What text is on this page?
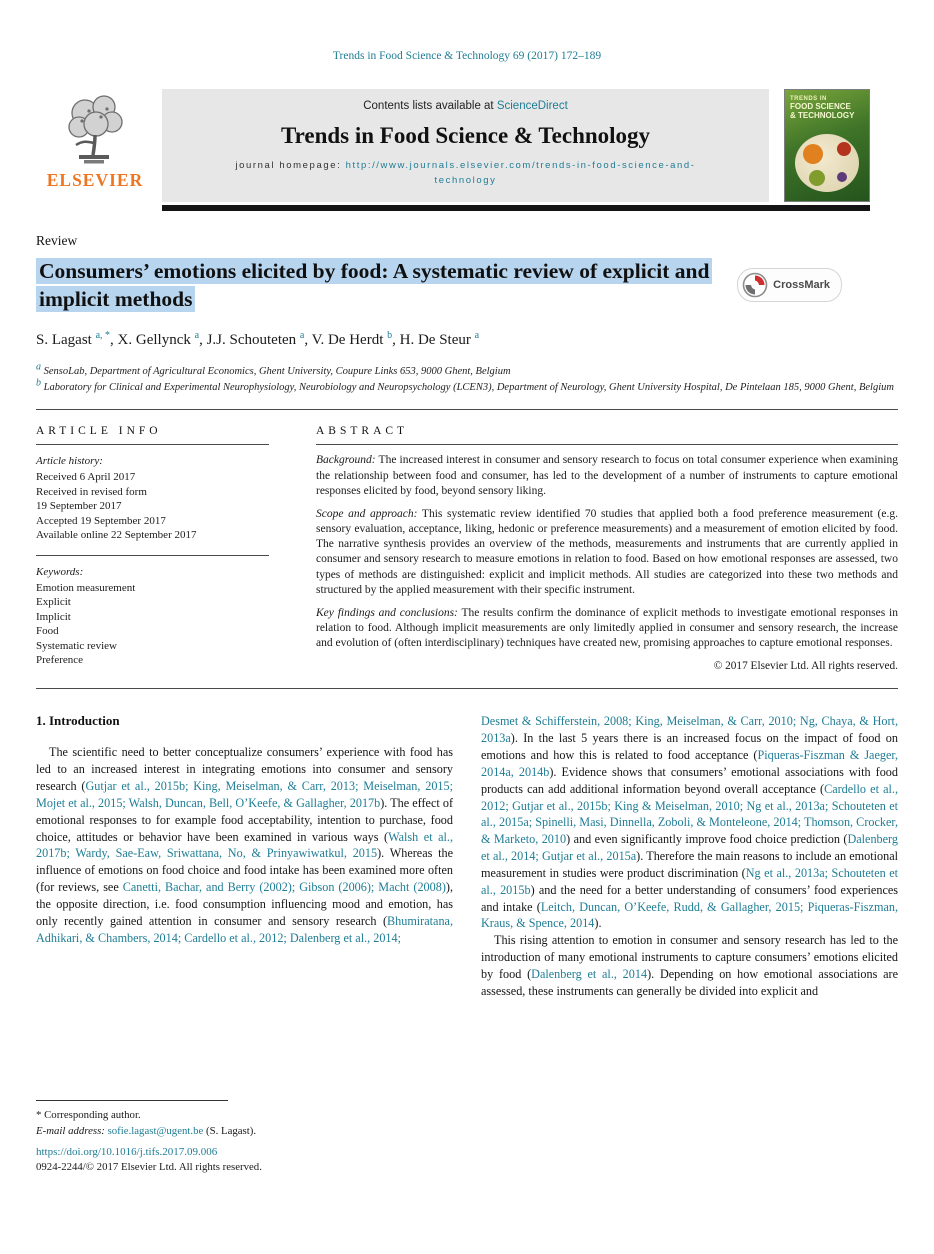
Trends in Food Science & Technology 69 (2017) 172–189
ELSEVIER
Contents lists available at ScienceDirect
Trends in Food Science & Technology
journal homepage: http://www.journals.elsevier.com/trends-in-food-science-and-technology
TRENDS IN
FOOD SCIENCE
& TECHNOLOGY
Review
Consumers’ emotions elicited by food: A systematic review of explicit and implicit methods
CrossMark
S. Lagast $^{a, *}$, X. Gellynck $^a$, J.J. Schouteten $^a$, V. De Herdt $^b$, H. De Steur $^a$
a SensoLab, Department of Agricultural Economics, Ghent University, Coupure Links 653, 9000 Ghent, Belgium
b Laboratory for Clinical and Experimental Neurophysiology, Neurobiology and Neuropsychology (LCEN3), Department of Neurology, Ghent University Hospital, De Pintelaan 185, 9000 Ghent, Belgium
ARTICLE INFO
Article history:
Received 6 April 2017
Received in revised form
19 September 2017
Accepted 19 September 2017
Available online 22 September 2017
Keywords:
Emotion measurement
Explicit
Implicit
Food
Systematic review
Preference
ABSTRACT

Background: The increased interest in consumer and sensory research to focus on total consumer experience when examining the relationship between food and consumer, has led to the development of a number of instruments to capture emotional responses elicited by food, beyond sensory liking.

Scope and approach: This systematic review identified 70 studies that applied both a food preference measurement (e.g. sensory evaluation, acceptance, liking, hedonic or preference measurements) and a measurement of emotion elicited by food. The narrative synthesis provides an overview of the methods, measurements and instruments that are currently applied in consumer and sensory research to measure emotions in relation to food. Based on how emotional responses are assessed, two types of methods are distinguished: explicit and implicit methods. All studies are categorized into these two methods and structured by the applied measurement with their specific instrument.

Key findings and conclusions: The results confirm the dominance of explicit methods to investigate emotional responses in relation to food. Although implicit measurements are only limitedly applied in consumer and sensory research, the increase and evolution of (often interdisciplinary) techniques have created new, promising approaches to capture emotional responses.

© 2017 Elsevier Ltd. All rights reserved.
1. Introduction

The scientific need to better conceptualize consumers’ experience with food has led to an increased interest in integrating emotions into consumer and sensory research (Gutjar et al., 2015b; King, Meiselman, & Carr, 2013; Meiselman, 2015; Mojet et al., 2015; Walsh, Duncan, Bell, O’Keefe, & Gallagher, 2017b). The effect of emotional responses to for example food acceptability, intention to purchase, food choice, attitudes or behavior have been examined in various ways (Walsh et al., 2017b; Wardy, Sae-Eaw, Sriwattana, No, & Prinyawiwatkul, 2015). Whereas the influence of emotions on food choice and food intake has been examined more often (for reviews, see Canetti, Bachar, and Berry (2002); Gibson (2006); Macht (2008)), the opposite direction, i.e. food consumption influencing mood and emotion, has only recently gained attention in consumer and sensory research (Bhumiratana, Adhikari, & Chambers, 2014; Cardello et al., 2012; Dalenberg et al., 2014;

Desmet & Schifferstein, 2008; King, Meiselman, & Carr, 2010; Ng, Chaya, & Hort, 2013a). In the last 5 years there is an increased focus on the impact of food on emotions and how this is related to food acceptance (Piqueras-Fiszman & Jaeger, 2014a, 2014b). Evidence shows that consumers’ emotional associations with food products can add additional information beyond overall acceptance (Cardello et al., 2012; Gutjar et al., 2015b; King & Meiselman, 2010; Ng et al., 2013a; Schouteten et al., 2015a; Spinelli, Masi, Dinnella, Zoboli, & Monteleone, 2014; Thomson, Crocker, & Marketo, 2010) and even significantly improve food choice prediction (Dalenberg et al., 2014; Gutjar et al., 2015a). Therefore the main reasons to include an emotional measurement in studies were product discrimination (Ng et al., 2013a; Schouteten et al., 2015b) and the need for a better understanding of consumers’ food experiences and intake (Leitch, Duncan, O’Keefe, Rudd, & Gallagher, 2015; Piqueras-Fiszman, Kraus, & Spence, 2014).

This rising attention to emotion in consumer and sensory research has led to the introduction of many emotional instruments to capture consumers’ emotions elicited by food (Dalenberg et al., 2014). Depending on how emotional associations are assessed, these instruments can generally be divided into explicit and

* Corresponding author.
E-mail address: sofie.lagast@ugent.be (S. Lagast).
https://doi.org/10.1016/j.tifs.2017.09.006
0924-2244/© 2017 Elsevier Ltd. All rights reserved.
